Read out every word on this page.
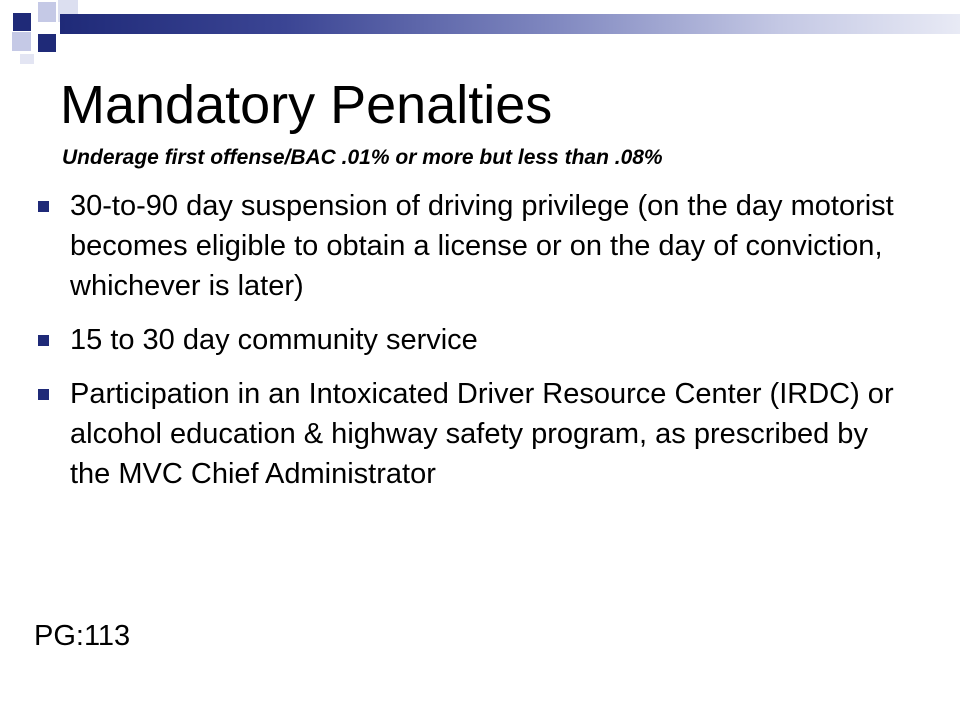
Mandatory Penalties
Underage first offense/BAC .01% or more but less than .08%
30-to-90 day suspension of driving privilege (on the day motorist becomes eligible to obtain a license or on the day of conviction, whichever is later)
15 to 30 day community service
Participation in an Intoxicated Driver Resource Center (IRDC) or alcohol education & highway safety program, as prescribed by the MVC Chief Administrator
PG:113
